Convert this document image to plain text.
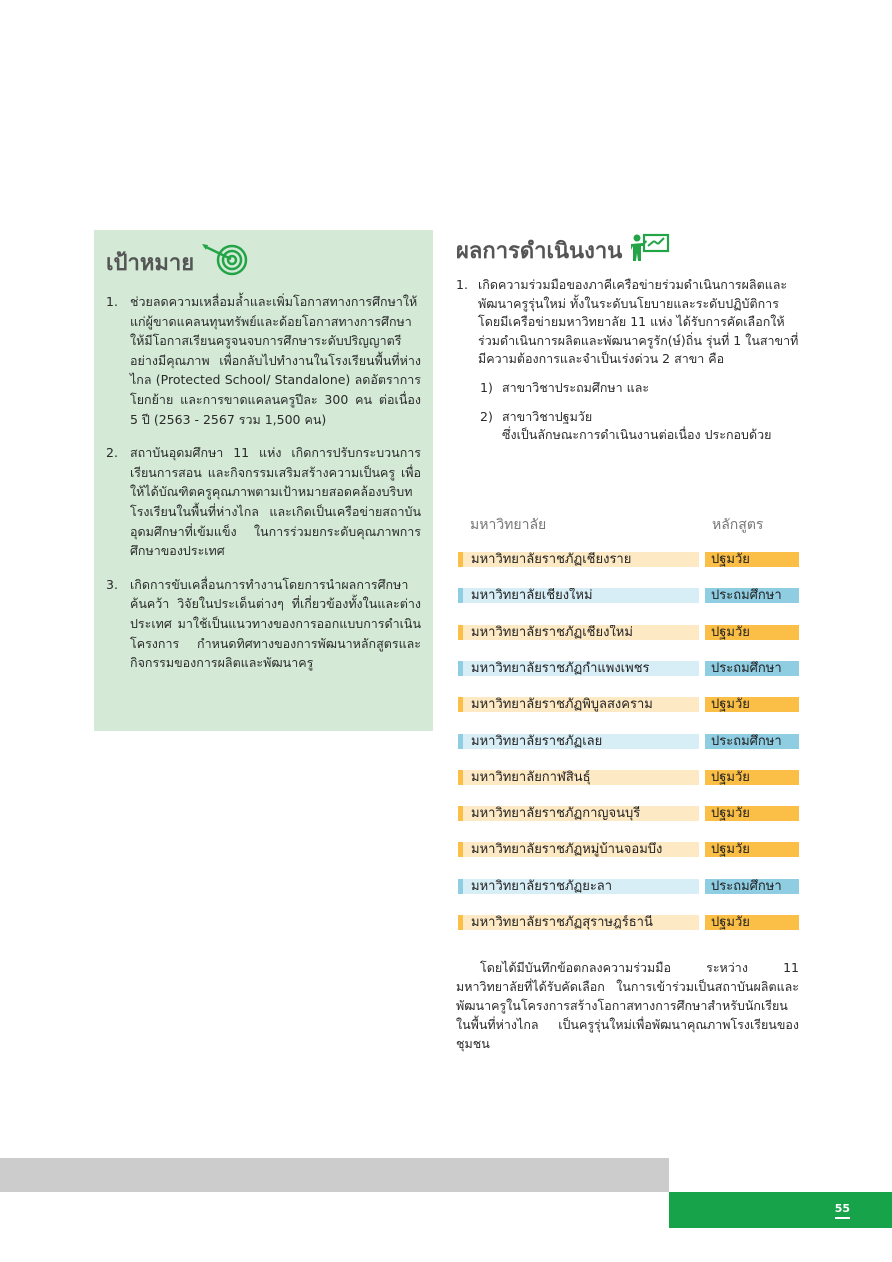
เป้าหมาย
1. ช่วยลดความเหลื่อมล้ำและเพิ่มโอกาสทางการศึกษาให้แก่ผู้ขาดแคลนทุนทรัพย์และด้อยโอกาสทางการศึกษา ให้มีโอกาสเรียนครูจนจบการศึกษาระดับปริญญาตรีอย่างมีคุณภาพ เพื่อกลับไปทำงานในโรงเรียนพื้นที่ห่างไกล (Protected School/ Standalone) ลดอัตราการโยกย้าย และการขาดแคลนครูปีละ 300 คน ต่อเนื่อง 5 ปี (2563 - 2567 รวม 1,500 คน)
2. สถาบันอุดมศึกษา 11 แห่ง เกิดการปรับกระบวนการเรียนการสอน และกิจกรรมเสริมสร้างความเป็นครู เพื่อให้ได้บัณฑิตครูคุณภาพตามเป้าหมายสอดคล้องบริบทโรงเรียนในพื้นที่ห่างไกล และเกิดเป็นเครือข่ายสถาบันอุดมศึกษาที่เข้มแข็ง ในการร่วมยกระดับคุณภาพการศึกษาของประเทศ
3. เกิดการขับเคลื่อนการทำงานโดยการนำผลการศึกษา ค้นคว้า วิจัยในประเด็นต่างๆ ที่เกี่ยวข้องทั้งในและต่างประเทศ มาใช้เป็นแนวทางของการออกแบบการดำเนินโครงการ กำหนดทิศทางของการพัฒนาหลักสูตรและกิจกรรมของการผลิตและพัฒนาครู
ผลการดำเนินงาน
1. เกิดความร่วมมือของภาคีเครือข่ายร่วมดำเนินการผลิตและพัฒนาครูรุ่นใหม่ ทั้งในระดับนโยบายและระดับปฏิบัติการ โดยมีเครือข่ายมหาวิทยาลัย 11 แห่ง ได้รับการคัดเลือกให้ร่วมดำเนินการผลิตและพัฒนาครูรัก(ษ์)ถิ่น รุ่นที่ 1 ในสาขาที่มีความต้องการและจำเป็นเร่งด่วน 2 สาขา คือ
1) สาขาวิชาประถมศึกษา และ
2) สาขาวิชาปฐมวัย
ซึ่งเป็นลักษณะการดำเนินงานต่อเนื่อง ประกอบด้วย
มหาวิทยาลัย	หลักสูตร
มหาวิทยาลัยราชภัฏเชียงราย	ปฐมวัย
มหาวิทยาลัยเชียงใหม่	ประถมศึกษา
มหาวิทยาลัยราชภัฏเชียงใหม่	ปฐมวัย
มหาวิทยาลัยราชภัฏกำแพงเพชร	ประถมศึกษา
มหาวิทยาลัยราชภัฏพิบูลสงคราม	ปฐมวัย
มหาวิทยาลัยราชภัฏเลย	ประถมศึกษา
มหาวิทยาลัยกาฬสินธุ์	ปฐมวัย
มหาวิทยาลัยราชภัฏกาญจนบุรี	ปฐมวัย
มหาวิทยาลัยราชภัฏหมู่บ้านจอมบึง	ปฐมวัย
มหาวิทยาลัยราชภัฏยะลา	ประถมศึกษา
มหาวิทยาลัยราชภัฏสุราษฎร์ธานี	ปฐมวัย

โดยได้มีบันทึกข้อตกลงความร่วมมือ ระหว่าง 11 มหาวิทยาลัยที่ได้รับคัดเลือก ในการเข้าร่วมเป็นสถาบันผลิตและพัฒนาครูในโครงการสร้างโอกาสทางการศึกษาสำหรับนักเรียนในพื้นที่ห่างไกล เป็นครูรุ่นใหม่เพื่อพัฒนาคุณภาพโรงเรียนของชุมชน

55
